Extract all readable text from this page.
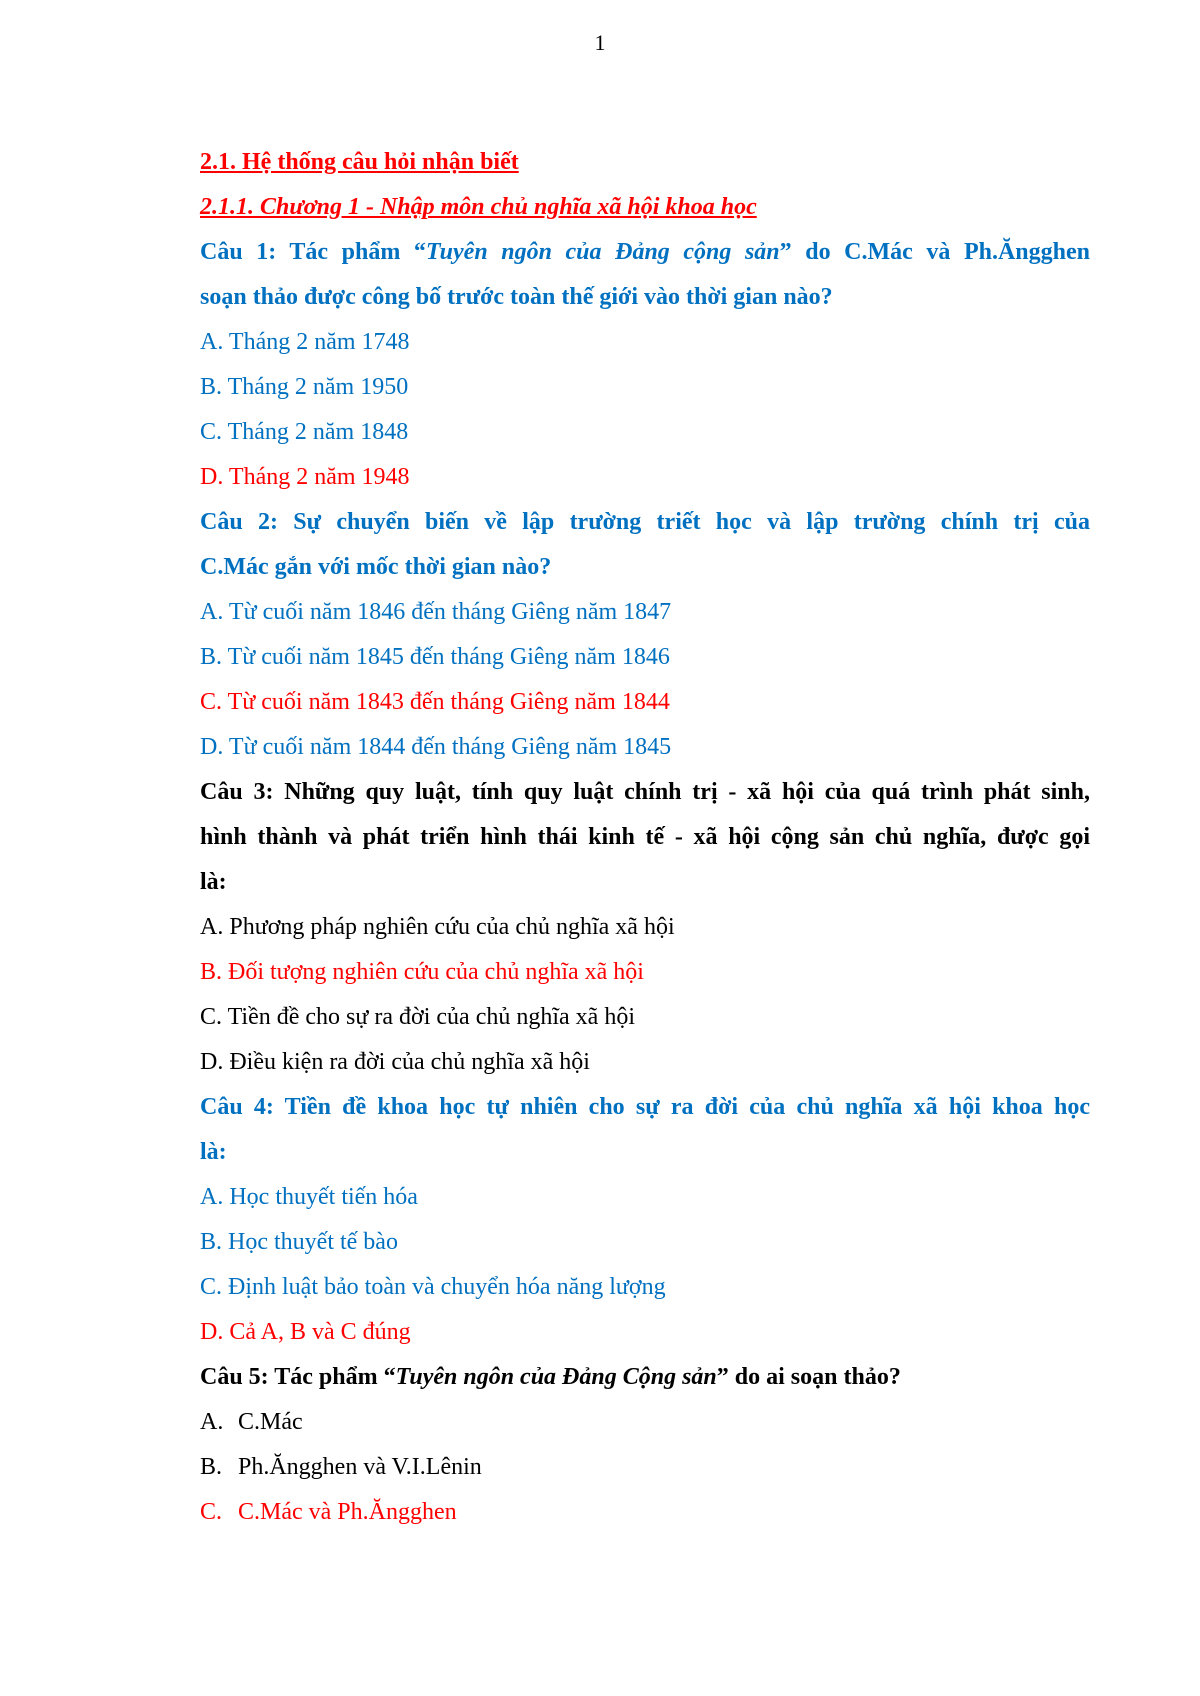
1
2.1. Hệ thống câu hỏi nhận biết
2.1.1. Chương 1 - Nhập môn chủ nghĩa xã hội khoa học
Câu 1: Tác phẩm “Tuyên ngôn của Đảng cộng sản” do C.Mác và Ph.Ăngghen
soạn thảo được công bố trước toàn thế giới vào thời gian nào?
A. Tháng 2 năm 1748
B. Tháng 2 năm 1950
C. Tháng 2 năm 1848
D. Tháng 2 năm 1948
Câu 2: Sự chuyển biến về lập trường triết học và lập trường chính trị của
C.Mác gắn với mốc thời gian nào?
A. Từ cuối năm 1846 đến tháng Giêng năm 1847
B. Từ cuối năm 1845 đến tháng Giêng năm 1846
C. Từ cuối năm 1843 đến tháng Giêng năm 1844
D. Từ cuối năm 1844 đến tháng Giêng năm 1845
Câu 3: Những quy luật, tính quy luật chính trị - xã hội của quá trình phát sinh,
hình thành và phát triển hình thái kinh tế - xã hội cộng sản chủ nghĩa, được gọi
là:
A. Phương pháp nghiên cứu của chủ nghĩa xã hội
B. Đối tượng nghiên cứu của chủ nghĩa xã hội
C. Tiền đề cho sự ra đời của chủ nghĩa xã hội
D. Điều kiện ra đời của chủ nghĩa xã hội
Câu 4: Tiền đề khoa học tự nhiên cho sự ra đời của chủ nghĩa xã hội khoa học
là:
A. Học thuyết tiến hóa
B. Học thuyết tế bào
C. Định luật bảo toàn và chuyển hóa năng lượng
D. Cả A, B và C đúng
Câu 5: Tác phẩm “Tuyên ngôn của Đảng Cộng sản” do ai soạn thảo?
A. C.Mác
B. Ph.Ăngghen và V.I.Lênin
C. C.Mác và Ph.Ăngghen
